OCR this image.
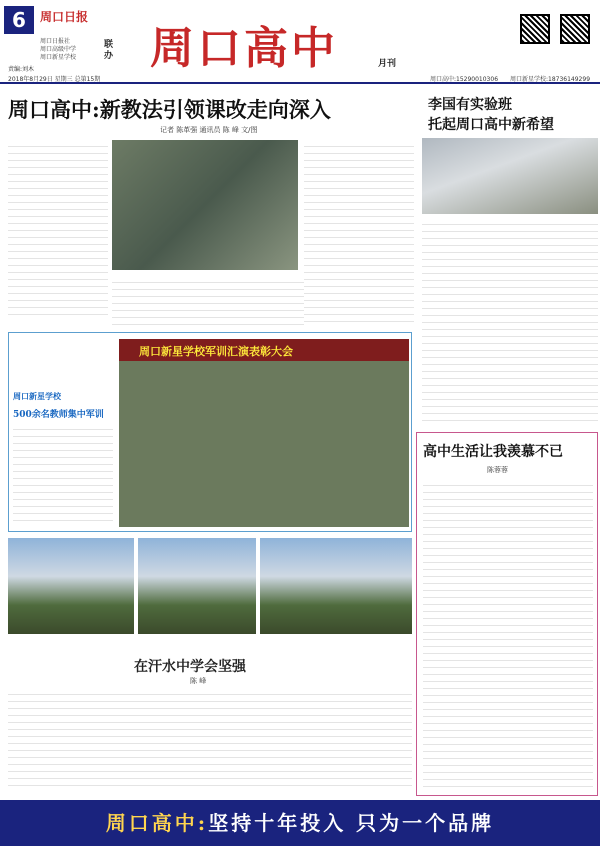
6	周口日报
周口日报社
周口高级中学
周口新星学校
联办
责编:刘木	周口高中	月刊
2018年8月29日 星期三 总第15期	周口高中:15290010306 周口新星学校:18736149299
周口高中:新教法引领课改走向深入
记者 陈革强 通讯员 陈 峰 文/图
李国有实验班
托起周口高中新希望
周口新星学校
500余名教师集中军训
周口新星学校军训汇演表彰大会
高中生活让我羡慕不已
陈蓉蓉
在汗水中学会坚强
陈 峰
周口高中:坚持十年投入 只为一个品牌
